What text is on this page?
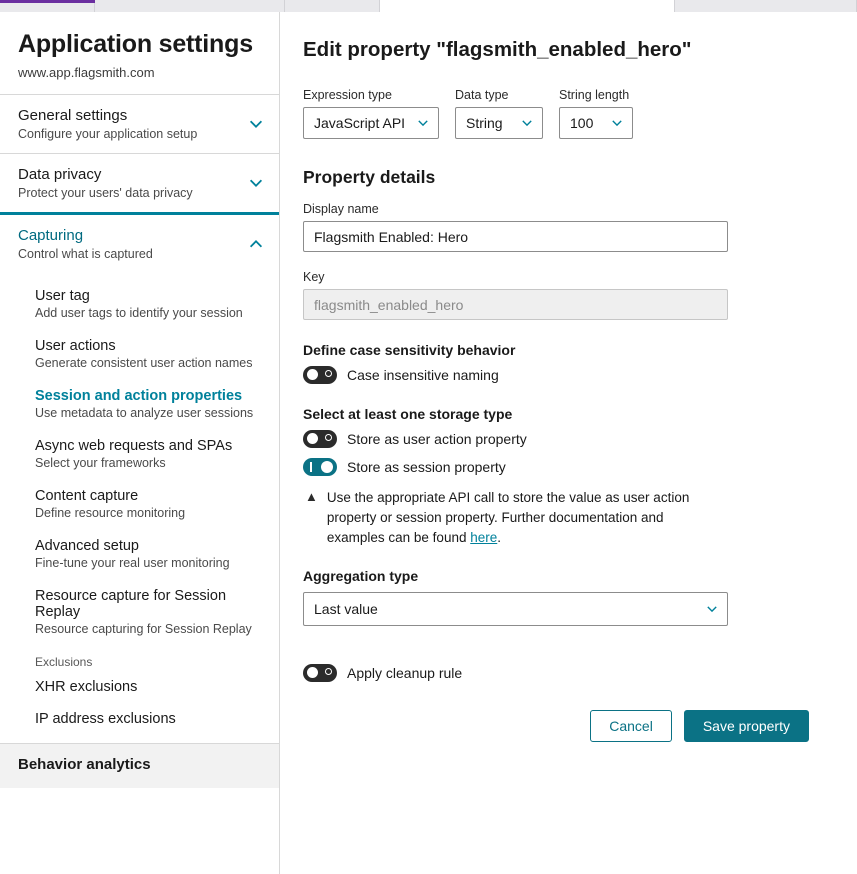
Application settings
www.app.flagsmith.com
General settings
Configure your application setup
Data privacy
Protect your users' data privacy
Capturing
Control what is captured
User tag
Add user tags to identify your session
User actions
Generate consistent user action names
Session and action properties
Use metadata to analyze user sessions
Async web requests and SPAs
Select your frameworks
Content capture
Define resource monitoring
Advanced setup
Fine-tune your real user monitoring
Resource capture for Session Replay
Resource capturing for Session Replay
Exclusions
XHR exclusions
IP address exclusions
Behavior analytics
Edit property "flagsmith_enabled_hero"
Expression type
JavaScript API
Data type
String
String length
100
Property details
Display name
Flagsmith Enabled: Hero
Key
flagsmith_enabled_hero
Define case sensitivity behavior
Case insensitive naming
Select at least one storage type
Store as user action property
Store as session property
▲ Use the appropriate API call to store the value as user action property or session property. Further documentation and examples can be found here.
Aggregation type
Last value
Apply cleanup rule
Cancel	Save property
